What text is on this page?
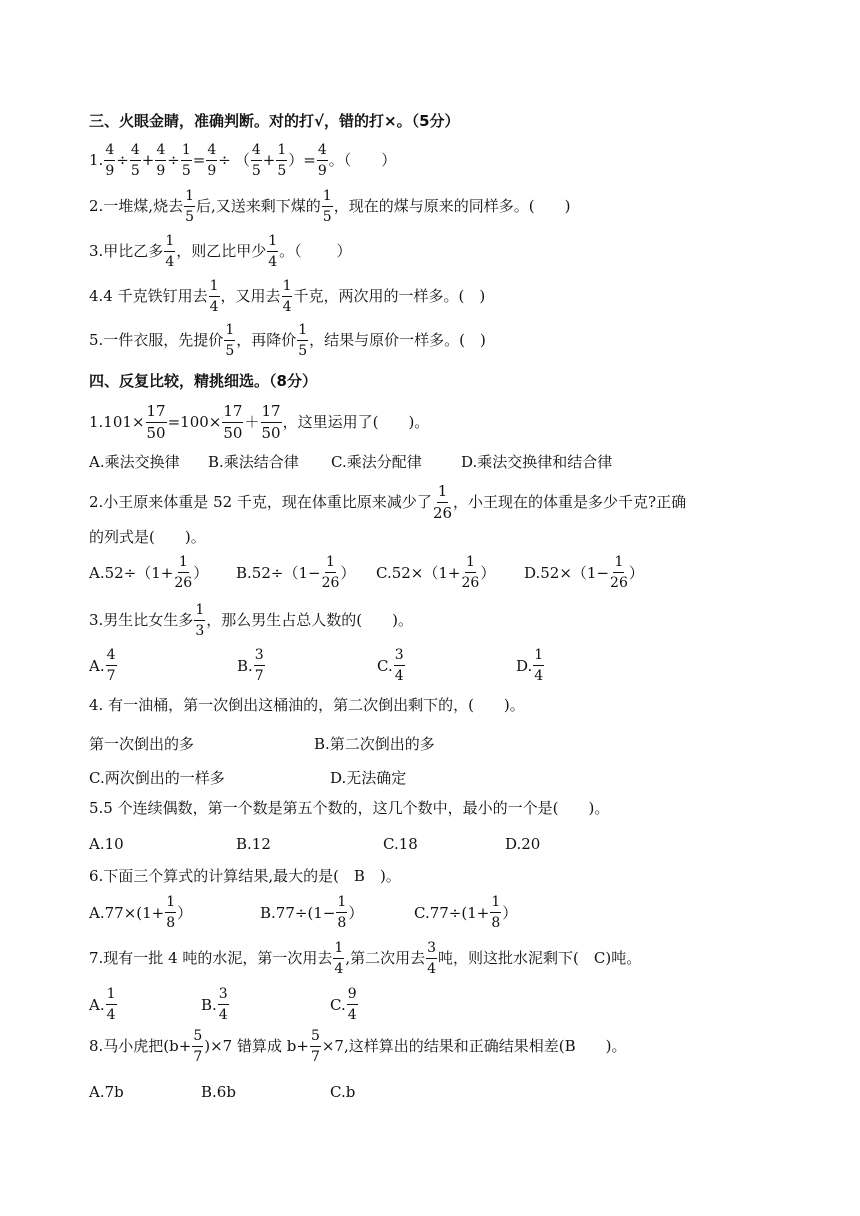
三、火眼金睛，准确判断。对的打√，错的打×。（5分）
1. $\frac{4}{9} \div \frac{4}{5} + \frac{4}{9} \div \frac{1}{5} = \frac{4}{9}$ ÷ （ $\frac{4}{5} + \frac{1}{5}$ ） = $\frac{4}{9}$ 。（　　）
2.一堆煤,烧去 $\frac{1}{5}$ 后,又送来剩下煤的 $\frac{1}{5}$ ，现在的煤与原来的同样多。(　　)
3.甲比乙多 $\frac{1}{4}$ ，则乙比甲少 $\frac{1}{4}$ 。（　　 ）
4.4 千克铁钉用去 $\frac{1}{4}$ ，又用去 $\frac{1}{4}$ 千克，两次用的一样多。(　)
5.一件衣服，先提价 $\frac{1}{5}$ ，再降价 $\frac{1}{5}$ ，结果与原价一样多。(　)
四、反复比较，精挑细选。（8分）
$1.101\times \frac{17}{50} =100\times \frac{17}{50} + \frac{17}{50}$ ，这里运用了(　　)。
A.乘法交换律 B.乘法结合律 C.乘法分配律	D.乘法交换律和结合律
2.小王原来体重是 52 千克，现在体重比原来减少了 $\frac{1}{26}$ ，小王现在的体重是多少千克?正确
的列式是(　　)。
$A.52\div(1+ \frac{1}{26}$ ） $B.52\div(1- \frac{1}{26}$ ） $C.52\times(1+ \frac{1}{26}$ ） $D.52\times(1- \frac{1}{26}$ ）
3.男生比女生多 $\frac{1}{3}$ ，那么男生占总人数的(　　)。
A. $\frac{4}{7}$	B. $\frac{3}{7}$	C. $\frac{3}{4}$	D. $\frac{1}{4}$
4. 有一油桶，第一次倒出这桶油的，第二次倒出剩下的，(　　)。
第一次倒出的多	B.第二次倒出的多
C.两次倒出的一样多	D.无法确定
5.5 个连续偶数，第一个数是第五个数的，这几个数中，最小的一个是(　　)。
A.10	B.12	C.18	D.20
6.下面三个算式的计算结果,最大的是(　B　)。
$A.77\times(1+ \frac{1}{8}$ ）	$B.77\div(1- \frac{1}{8}$ ）	$C.77\div(1+ \frac{1}{8}$ ）
7.现有一批 4 吨的水泥，第一次用去 $\frac{1}{4}$ ,第二次用去 $\frac{3}{4}$ 吨，则这批水泥剩下(　C)吨。
A. $\frac{1}{4}$	B. $\frac{3}{4}$	C. $\frac{9}{4}$
8.马小虎把$(b+ \frac{5}{7} )\times 7$ 错算成 $b+ \frac{5}{7} \times 7$,这样算出的结果和正确结果相差(B　　)。
A.7b	B.6b	C.b
